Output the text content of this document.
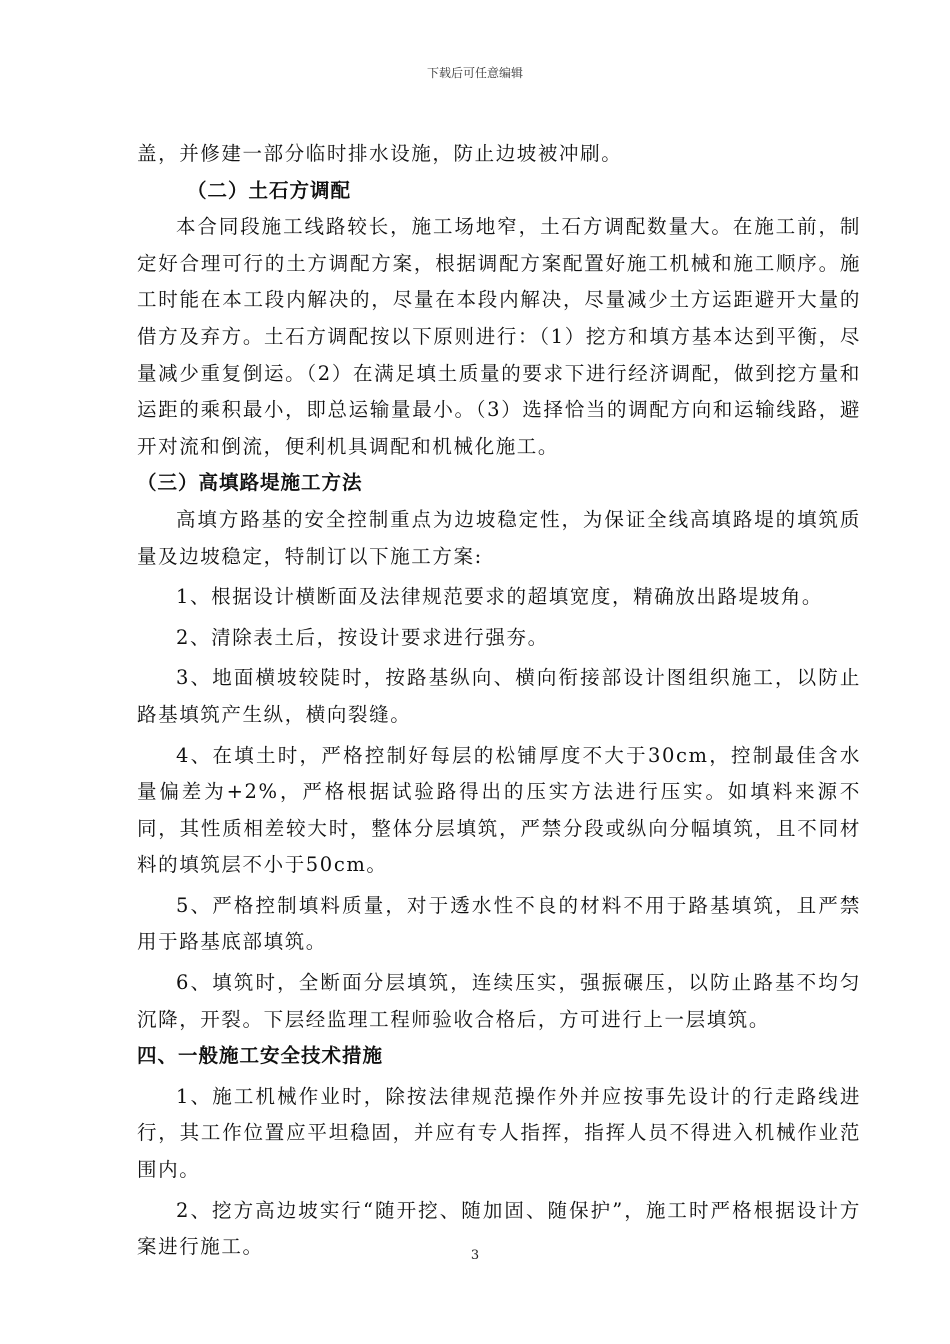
下载后可任意编辑

盖，并修建一部分临时排水设施，防止边坡被冲刷。

（二）土石方调配

本合同段施工线路较长，施工场地窄，土石方调配数量大。在施工前，制定好合理可行的土方调配方案，根据调配方案配置好施工机械和施工顺序。施工时能在本工段内解决的，尽量在本段内解决，尽量减少土方运距避开大量的借方及弃方。土石方调配按以下原则进行：（1）挖方和填方基本达到平衡，尽量减少重复倒运。（2）在满足填土质量的要求下进行经济调配，做到挖方量和运距的乘积最小，即总运输量最小。（3）选择恰当的调配方向和运输线路，避开对流和倒流，便利机具调配和机械化施工。

（三）高填路堤施工方法

高填方路基的安全控制重点为边坡稳定性，为保证全线高填路堤的填筑质量及边坡稳定，特制订以下施工方案:

1、根据设计横断面及法律规范要求的超填宽度，精确放出路堤坡角。

2、清除表土后，按设计要求进行强夯。

3、地面横坡较陡时，按路基纵向、横向衔接部设计图组织施工，以防止路基填筑产生纵，横向裂缝。

4、在填土时，严格控制好每层的松铺厚度不大于30cm，控制最佳含水量偏差为+2%，严格根据试验路得出的压实方法进行压实。如填料来源不同，其性质相差较大时，整体分层填筑，严禁分段或纵向分幅填筑，且不同材料的填筑层不小于50cm。

5、严格控制填料质量，对于透水性不良的材料不用于路基填筑，且严禁用于路基底部填筑。

6、填筑时，全断面分层填筑，连续压实，强振碾压，以防止路基不均匀沉降，开裂。下层经监理工程师验收合格后，方可进行上一层填筑。

四、一般施工安全技术措施

1、施工机械作业时，除按法律规范操作外并应按事先设计的行走路线进行，其工作位置应平坦稳固，并应有专人指挥，指挥人员不得进入机械作业范围内。

2、挖方高边坡实行“随开挖、随加固、随保护”，施工时严格根据设计方案进行施工。	3
